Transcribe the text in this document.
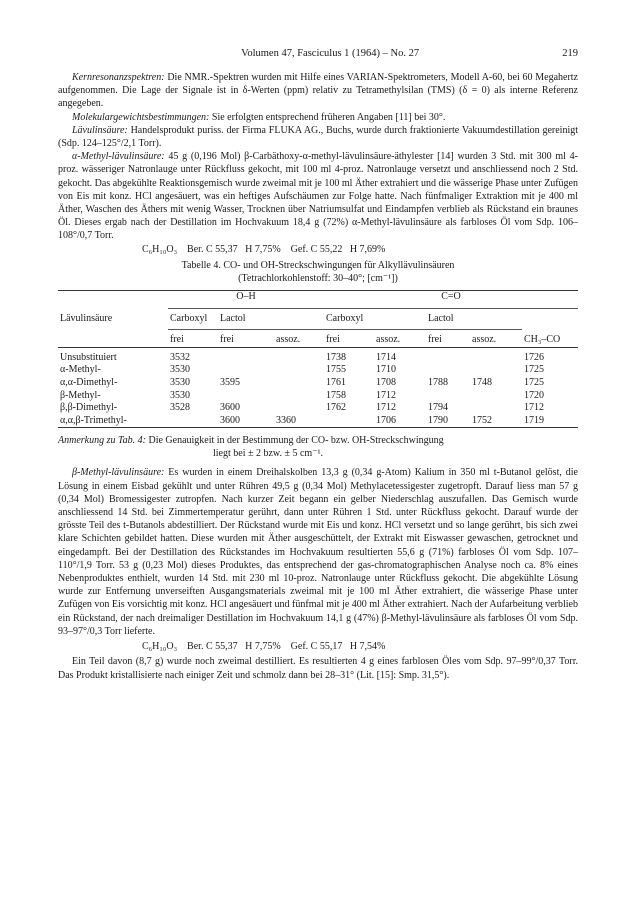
Volumen 47, Fasciculus 1 (1964) – No. 27	219

Kernresonanzspektren: Die NMR.-Spektren wurden mit Hilfe eines VARIAN-Spektrometers, Modell A-60, bei 60 Megahertz aufgenommen. Die Lage der Signale ist in δ-Werten (ppm) relativ zu Tetramethylsilan (TMS) (δ = 0) als interne Referenz angegeben.

Molekulargewichtsbestimmungen: Sie erfolgten entsprechend früheren Angaben [11] bei 30°.

Lävulinsäure: Handelsprodukt puriss. der Firma FLUKA AG., Buchs, wurde durch fraktionierte Vakuumdestillation gereinigt (Sdp. 124–125°/2,1 Torr).

α-Methyl-lävulinsäure: 45 g (0,196 Mol) β-Carbäthoxy-α-methyl-lävulinsäure-äthylester [14] wurden 3 Std. mit 300 ml 4-proz. wässeriger Natronlauge unter Rückfluss gekocht, mit 100 ml 4-proz. Natronlauge versetzt und anschliessend noch 2 Std. gekocht. Das abgekühlte Reaktionsgemisch wurde zweimal mit je 100 ml Äther extrahiert und die wässerige Phase unter Zufügen von Eis mit konz. HCl angesäuert, was ein heftiges Aufschäumen zur Folge hatte. Nach fünfmaliger Extraktion mit je 400 ml Äther, Waschen des Äthers mit wenig Wasser, Trocknen über Natriumsulfat und Eindampfen verblieb als Rückstand ein braunes Öl. Dieses ergab nach der Destillation im Hochvakuum 18,4 g (72%) α-Methyl-lävulinsäure als farbloses Öl vom Sdp. 106–108°/0,7 Torr.

C₆H₁₀O₃    Ber. C 55,37   H 7,75%    Gef. C 55,22   H 7,69%
Tabelle 4. CO- und OH-Streckschwingungen für Alkyllävulinsäuren
(Tetrachlorkohlenstoff: 30–40°; [cm⁻¹])
	O–H			C=O				

Lävulinsäure	Carboxyl	Lactol		Carboxyl		Lactol		

	frei	frei	assoz.	frei	assoz.	frei	assoz.	CH₃–CO

Unsubstituiert	3532			1738	1714			1726
α-Methyl-	3530			1755	1710			1725
α,α-Dimethyl-	3530	3595		1761	1708	1788	1748	1725
β-Methyl-	3530			1758	1712			1720
β,β-Dimethyl-	3528	3600		1762	1712	1794		1712
α,α,β-Trimethyl-		3600	3360		1706	1790	1752	1719
Anmerkung zu Tab. 4: Die Genauigkeit in der Bestimmung der CO- bzw. OH-Streckschwingung
liegt bei ± 2 bzw. ± 5 cm⁻¹.

β-Methyl-lävulinsäure: Es wurden in einem Dreihalskolben 13,3 g (0,34 g-Atom) Kalium in 350 ml t-Butanol gelöst, die Lösung in einem Eisbad gekühlt und unter Rühren 49,5 g (0,34 Mol) Methylacetessigester zugetropft. Darauf liess man 57 g (0,34 Mol) Bromessigester zutropfen. Nach kurzer Zeit begann ein gelber Niederschlag auszufallen. Das Gemisch wurde anschliessend 14 Std. bei Zimmertemperatur gerührt, dann unter Rühren 1 Std. unter Rückfluss gekocht. Darauf wurde der grösste Teil des t-Butanols abdestilliert. Der Rückstand wurde mit Eis und konz. HCl versetzt und so lange gerührt, bis sich zwei klare Schichten gebildet hatten. Diese wurden mit Äther ausgeschüttelt, der Extrakt mit Eiswasser gewaschen, getrocknet und eingedampft. Bei der Destillation des Rückstandes im Hochvakuum resultierten 55,6 g (71%) farbloses Öl vom Sdp. 107–110°/1,9 Torr. 53 g (0,23 Mol) dieses Produktes, das entsprechend der gas-chromatographischen Analyse noch ca. 8% eines Nebenproduktes enthielt, wurden 14 Std. mit 230 ml 10-proz. Natronlauge unter Rückfluss gekocht. Die abgekühlte Lösung wurde zur Entfernung unverseiften Ausgangsmaterials zweimal mit je 100 ml Äther extrahiert, die wässerige Phase unter Zufügen von Eis vorsichtig mit konz. HCl angesäuert und fünfmal mit je 400 ml Äther extrahiert. Nach der Aufarbeitung verblieb ein Rückstand, der nach dreimaliger Destillation im Hochvakuum 14,1 g (47%) β-Methyl-lävulinsäure als farbloses Öl vom Sdp. 93–97°/0,3 Torr lieferte.

C₆H₁₀O₃    Ber. C 55,37   H 7,75%    Gef. C 55,17   H 7,54%

Ein Teil davon (8,7 g) wurde noch zweimal destilliert. Es resultierten 4 g eines farblosen Öles vom Sdp. 97–99°/0,37 Torr. Das Produkt kristallisierte nach einiger Zeit und schmolz dann bei 28–31° (Lit. [15]: Smp. 31,5°).
